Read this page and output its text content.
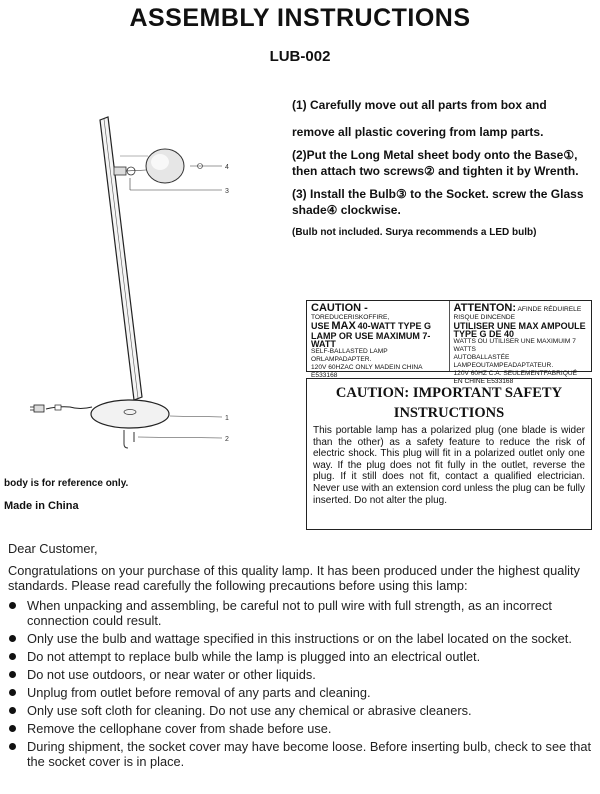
ASSEMBLY INSTRUCTIONS
LUB-002

(1) Carefully move out all parts from box and

remove all plastic covering from lamp parts.

(2)Put the Long Metal sheet body onto the Base①, then attach two screws② and tighten it by Wrenth.

(3) Install the Bulb③ to the Socket. screw the Glass shade④ clockwise.

(Bulb not included. Surya recommends a LED bulb)

4
3
1
2
body is for reference only.
Made in China
CAUTION - TOREDUCERISKOFFIRE,
USE MAX 40-WATT TYPE G
LAMP OR USE MAXIMUM 7-WATT
SELF-BALLASTED LAMP ORLAMPADAPTER.
120V 60HZAC ONLY MADEIN CHINA E533168
ATTENTON: AFINDE RÉDUIRELE RISQUE DINCENDE
UTILISER UNE MAX AMPOULE TYPE G DE 40
WATTS OU UTILISER UNE MAXIMUIM 7 WATTS
AUTOBALLASTÉE LAMPEOUTAMPEADAPTATEUR.
120V 60HZ C.A. SEULEMENTFABRIQUÉ EN CHINE E533168
CAUTION: IMPORTANT SAFETY
INSTRUCTIONS
This portable lamp has a polarized plug (one blade is wider than the other) as a safety feature to reduce the risk of electric shock. This plug will fit in a polarized outlet only one way. If the plug does not fit fully in the outlet, reverse the plug. If it still does not fit, contact a qualified electrician. Never use with an extension cord unless the plug can be fully inserted. Do not alter the plug.
Dear Customer,
Congratulations on your purchase of this quality lamp. It has been produced under the highest quality standards. Please read carefully the following precautions before using this lamp:
When unpacking and assembling, be careful not to pull wire with full strength, as an incorrect connection could result.
Only use the bulb and wattage specified in this instructions or on the label located on the socket.
Do not attempt to replace bulb while the lamp is plugged into an electrical outlet.
Do not use outdoors, or near water or other liquids.
Unplug from outlet before removal of any parts and cleaning.
Only use soft cloth for cleaning. Do not use any chemical or abrasive cleaners.
Remove the cellophane cover from shade before use.
During shipment, the socket cover may have become loose. Before inserting bulb, check to see that the socket cover is in place.
